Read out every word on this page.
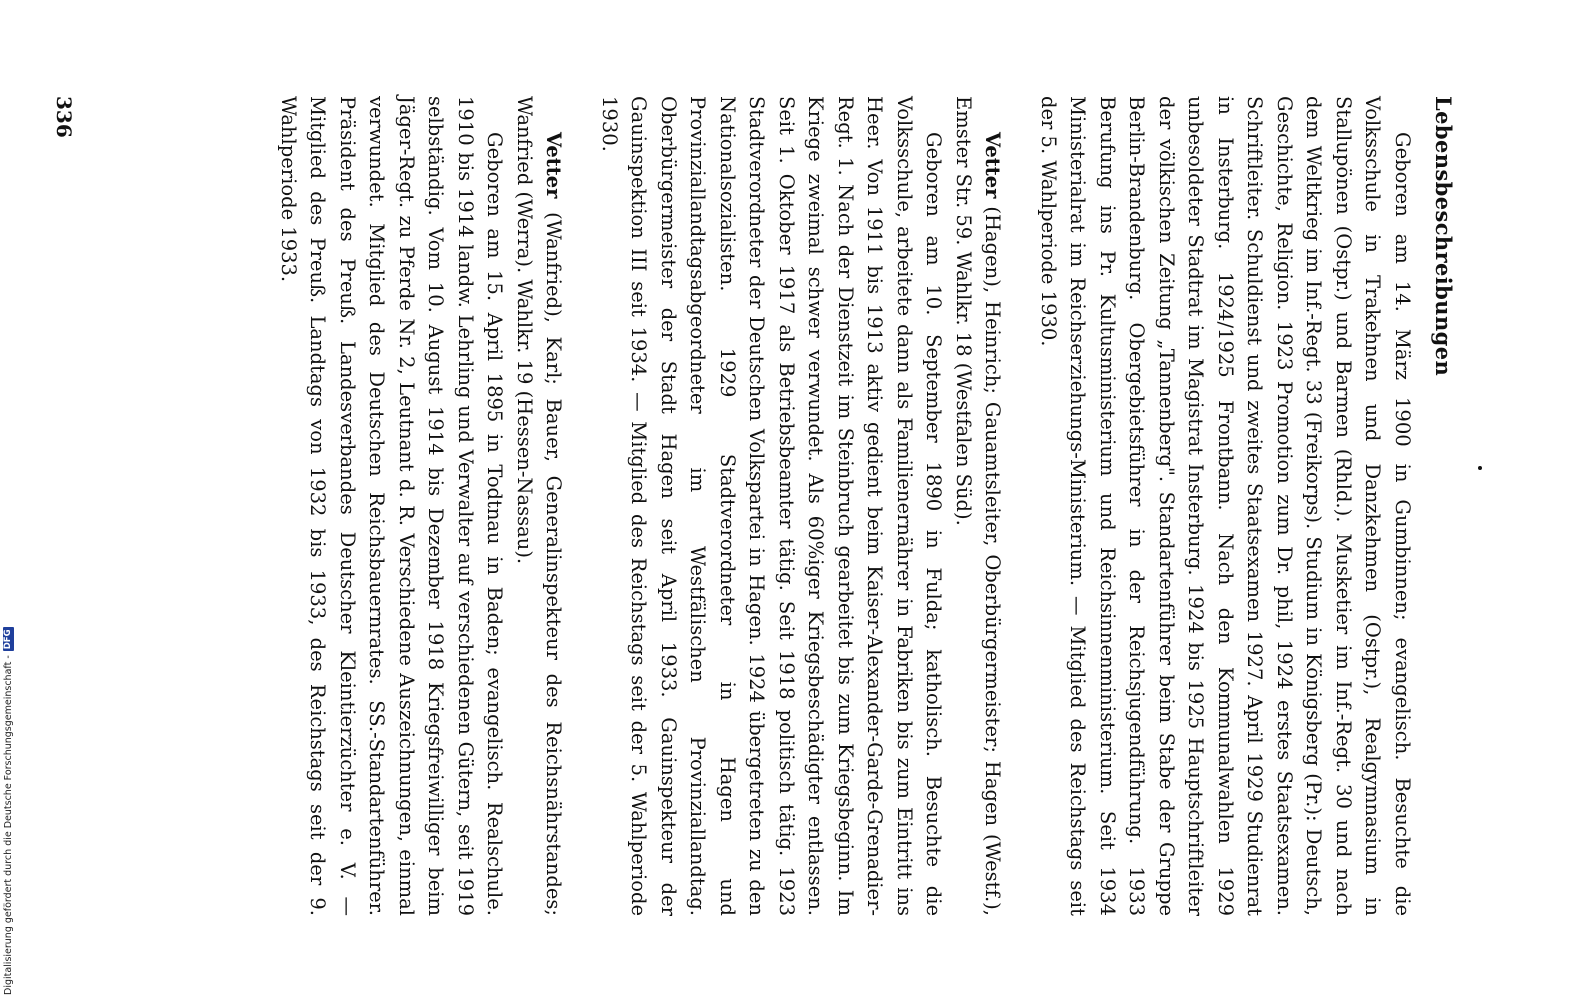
Lebensbeschreibungen

Geboren am 14. März 1900 in Gumbinnen; evangelisch. Besuchte die Volksschule in Trakehnen und Danzkehmen (Ostpr.), Realgymnasium in Stallupönen (Ostpr.) und Barmen (Rhld.). Musketier im Inf.-Regt. 30 und nach dem Weltkrieg im Inf.-Regt. 33 (Freikorps). Studium in Königsberg (Pr.): Deutsch, Geschichte, Religion. 1923 Promotion zum Dr. phil, 1924 erstes Staatsexamen. Schriftleiter. Schuldienst und zweites Staatsexamen 1927. April 1929 Studienrat in Insterburg. 1924/1925 Frontbann. Nach den Kommunalwahlen 1929 unbesoldeter Stadtrat im Magistrat Insterburg. 1924 bis 1925 Hauptschriftleiter der völkischen Zeitung „Tannenberg". Standartenführer beim Stabe der Gruppe Berlin-Brandenburg. Obergebietsführer in der Reichsjugendführung. 1933 Berufung ins Pr. Kultusministerium und Reichsinnenministerium. Seit 1934 Ministerialrat im Reichserziehungs-Ministerium. — Mitglied des Reichstags seit der 5. Wahlperiode 1930.

Vetter (Hagen), Heinrich; Gauamtsleiter, Oberbürgermeister; Hagen (Westf.), Emster Str. 59. Wahlkr. 18 (Westfalen Süd).

Geboren am 10. September 1890 in Fulda; katholisch. Besuchte die Volksschule, arbeitete dann als Familienernährer in Fabriken bis zum Eintritt ins Heer. Von 1911 bis 1913 aktiv gedient beim Kaiser-Alexander-Garde-Grenadier-Regt. 1. Nach der Dienstzeit im Steinbruch gearbeitet bis zum Kriegsbeginn. Im Kriege zweimal schwer verwundet. Als 60%iger Kriegsbeschädigter entlassen. Seit 1. Oktober 1917 als Betriebsbeamter tätig. Seit 1918 politisch tätig. 1923 Stadtverordneter der Deutschen Volkspartei in Hagen. 1924 übergetreten zu den Nationalsozialisten. 1929 Stadtverordneter in Hagen und Provinziallandtagsabgeordneter im Westfälischen Provinziallandtag. Oberbürgermeister der Stadt Hagen seit April 1933. Gauinspekteur der Gauinspektion III seit 1934. — Mitglied des Reichstags seit der 5. Wahlperiode 1930.

Vetter (Wanfried), Karl; Bauer, Generalinspekteur des Reichsnährstandes; Wanfried (Werra). Wahlkr. 19 (Hessen-Nassau).

Geboren am 15. April 1895 in Todtnau in Baden; evangelisch. Realschule. 1910 bis 1914 landw. Lehrling und Verwalter auf verschiedenen Gütern, seit 1919 selbständig. Vom 10. August 1914 bis Dezember 1918 Kriegsfreiwilliger beim Jäger-Regt. zu Pferde Nr. 2, Leutnant d. R. Verschiedene Auszeichnungen, einmal verwundet. Mitglied des Deutschen Reichsbauernrates. SS.-Standartenführer. Präsident des Preuß. Landesverbandes Deutscher Kleintierzüchter e. V. — Mitglied des Preuß. Landtags von 1932 bis 1933, des Reichstags seit der 9. Wahlperiode 1933.

336
Digitalisierung gefördert durch die Deutsche Forschungsgemeinschaft -
DFG
